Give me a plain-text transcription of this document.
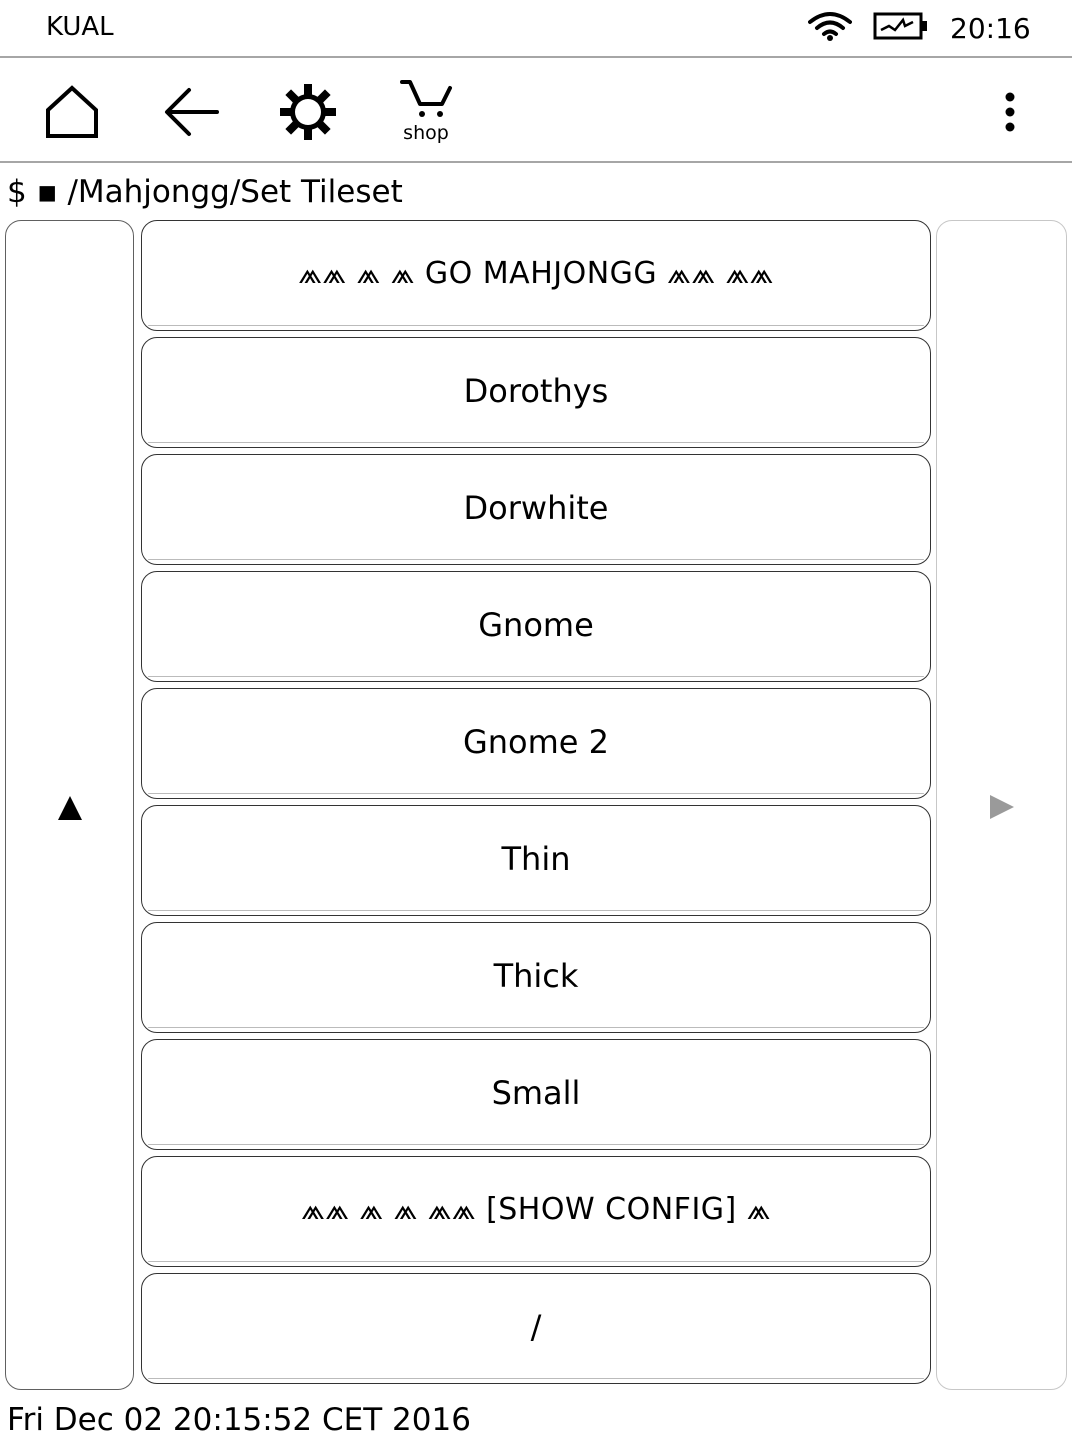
KUAL	20:16
shop
$ ▪ /Mahjongg/Set Tileset
⩕⩕ ⩕ ⩕ GO MAHJONGG ⩕⩕ ⩕⩕
Dorothys
Dorwhite
Gnome
Gnome 2
Thin
Thick
Small
⩕⩕ ⩕ ⩕ ⩕⩕ [SHOW CONFIG] ⩕
/
Fri Dec 02 20:15:52 CET 2016
